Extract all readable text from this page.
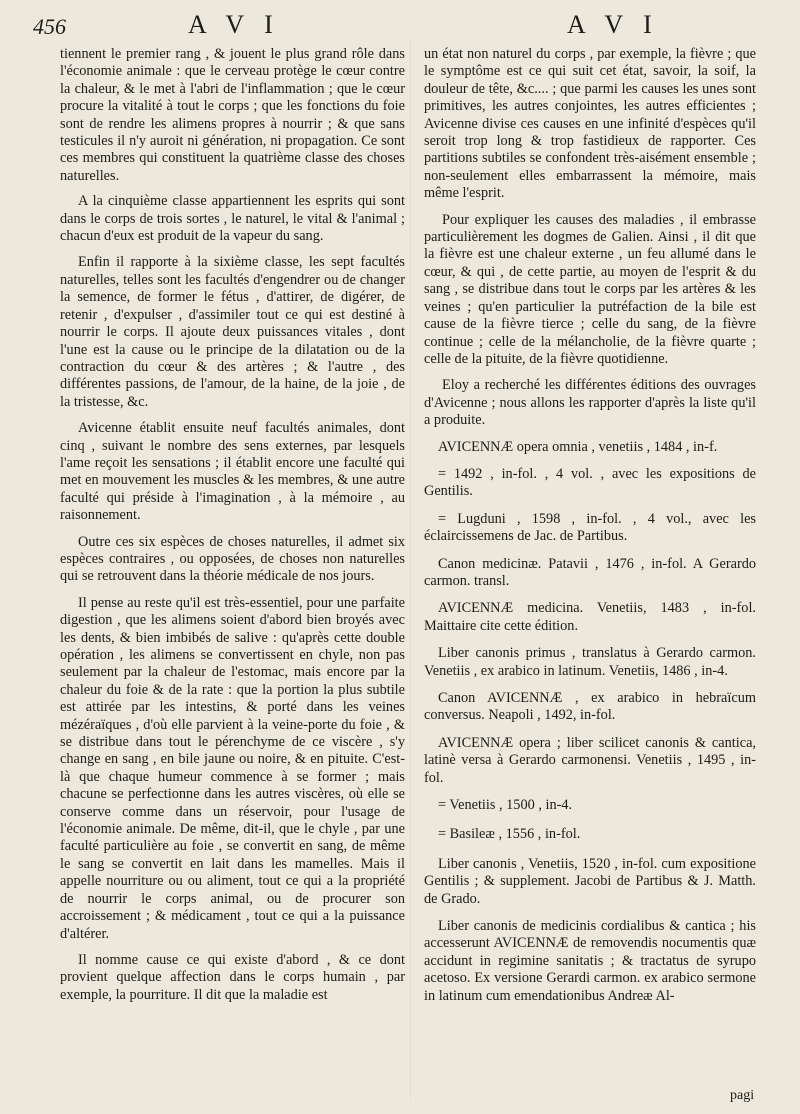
456	A V I	A V I

tiennent le premier rang , & jouent le plus grand rôle dans l'économie animale : que le cerveau protège le cœur contre la chaleur, & le met à l'abri de l'inflammation ; que le cœur procure la vitalité à tout le corps ; que les fonctions du foie sont de rendre les alimens propres à nourrir ; & que sans testicules il n'y auroit ni génération, ni propagation. Ce sont ces membres qui constituent la quatrième classe des choses naturelles.

A la cinquième classe appartiennent les esprits qui sont dans le corps de trois sortes , le naturel, le vital & l'animal ; chacun d'eux est produit de la vapeur du sang.

Enfin il rapporte à la sixième classe, les sept facultés naturelles, telles sont les facultés d'engendrer ou de changer la semence, de former le fétus , d'attirer, de digérer, de retenir , d'expulser , d'assimiler tout ce qui est destiné à nourrir le corps. Il ajoute deux puissances vitales , dont l'une est la cause ou le principe de la dilatation ou de la contraction du cœur & des artères ; & l'autre , des différentes passions, de l'amour, de la haine, de la joie , de la tristesse, &c.

Avicenne établit ensuite neuf facultés animales, dont cinq , suivant le nombre des sens externes, par lesquels l'ame reçoit les sensations ; il établit encore une faculté qui met en mouvement les muscles & les membres, & une autre faculté qui préside à l'imagination , à la mémoire , au raisonnement.

Outre ces six espèces de choses naturelles, il admet six espèces contraires , ou opposées, de choses non naturelles qui se retrouvent dans la théorie médicale de nos jours.

Il pense au reste qu'il est très-essentiel, pour une parfaite digestion , que les alimens soient d'abord bien broyés avec les dents, & bien imbibés de salive : qu'après cette double opération , les alimens se convertissent en chyle, non pas seulement par la chaleur de l'estomac, mais encore par la chaleur du foie & de la rate : que la portion la plus subtile est attirée par les intestins, & porté dans les veines mézéraïques , d'où elle parvient à la veine-porte du foie , & se distribue dans tout le pérenchyme de ce viscère , s'y change en sang , en bile jaune ou noire, & en pituite. C'est-là que chaque humeur commence à se former ; mais chacune se perfectionne dans les autres viscères, où elle se conserve comme dans un réservoir, pour l'usage de l'économie animale. De même, dit-il, que le chyle , par une faculté particulière au foie , se convertit en sang, de même le sang se convertit en lait dans les mamelles. Mais il appelle nourriture ou ou aliment, tout ce qui a la propriété de nourrir le corps animal, ou de procurer son accroissement ; & médicament , tout ce qui a la puissance d'altérer.

Il nomme cause ce qui existe d'abord , & ce dont provient quelque affection dans le corps humain , par exemple, la pourriture. Il dit que la maladie est

un état non naturel du corps , par exemple, la fièvre ; que le symptôme est ce qui suit cet état, savoir, la soif, la douleur de tête, &c.... ; que parmi les causes les unes sont primitives, les autres conjointes, les autres efficientes ; Avicenne divise ces causes en une infinité d'espèces qu'il seroit trop long & trop fastidieux de rapporter. Ces partitions subtiles se confondent très-aisément ensemble ; non-seulement elles embarrassent la mémoire, mais même l'esprit.

Pour expliquer les causes des maladies , il embrasse particulièrement les dogmes de Galien. Ainsi , il dit que la fièvre est une chaleur externe , un feu allumé dans le cœur, & qui , de cette partie, au moyen de l'esprit & du sang , se distribue dans tout le corps par les artères & les veines ; qu'en particulier la putréfaction de la bile est cause de la fièvre tierce ; celle du sang, de la fièvre continue ; celle de la mélancholie, de la fièvre quarte ; celle de la pituite, de la fièvre quotidienne.

Eloy a recherché les différentes éditions des ouvrages d'Avicenne ; nous allons les rapporter d'après la liste qu'il a produite.

AVICENNÆ opera omnia , venetiis , 1484 , in-f.

= 1492 , in-fol. , 4 vol. , avec les expositions de Gentilis.

= Lugduni , 1598 , in-fol. , 4 vol., avec les éclaircissemens de Jac. de Partibus.

Canon medicinæ. Patavii , 1476 , in-fol. A Gerardo carmon. transl.

AVICENNÆ medicina. Venetiis, 1483 , in-fol. Maittaire cite cette édition.

Liber canonis primus , translatus à Gerardo carmon. Venetiis , ex arabico in latinum. Venetiis, 1486 , in-4.

Canon AVICENNÆ , ex arabico in hebraïcum conversus. Neapoli , 1492, in-fol.

AVICENNÆ opera ; liber scilicet canonis & cantica, latinè versa à Gerardo carmonensi. Venetiis , 1495 , in-fol.

= Venetiis , 1500 , in-4.

= Basileæ , 1556 , in-fol.

Liber canonis , Venetiis, 1520 , in-fol. cum expositione Gentilis ; & supplement. Jacobi de Partibus & J. Matth. de Grado.

Liber canonis de medicinis cordialibus & cantica ; his accesserunt AVICENNÆ de removendis nocumentis quæ accidunt in regimine sanitatis ; & tractatus de syrupo acetoso. Ex versione Gerardi carmon. ex arabico sermone in latinum cum emendationibus Andreæ Al-

pagi
